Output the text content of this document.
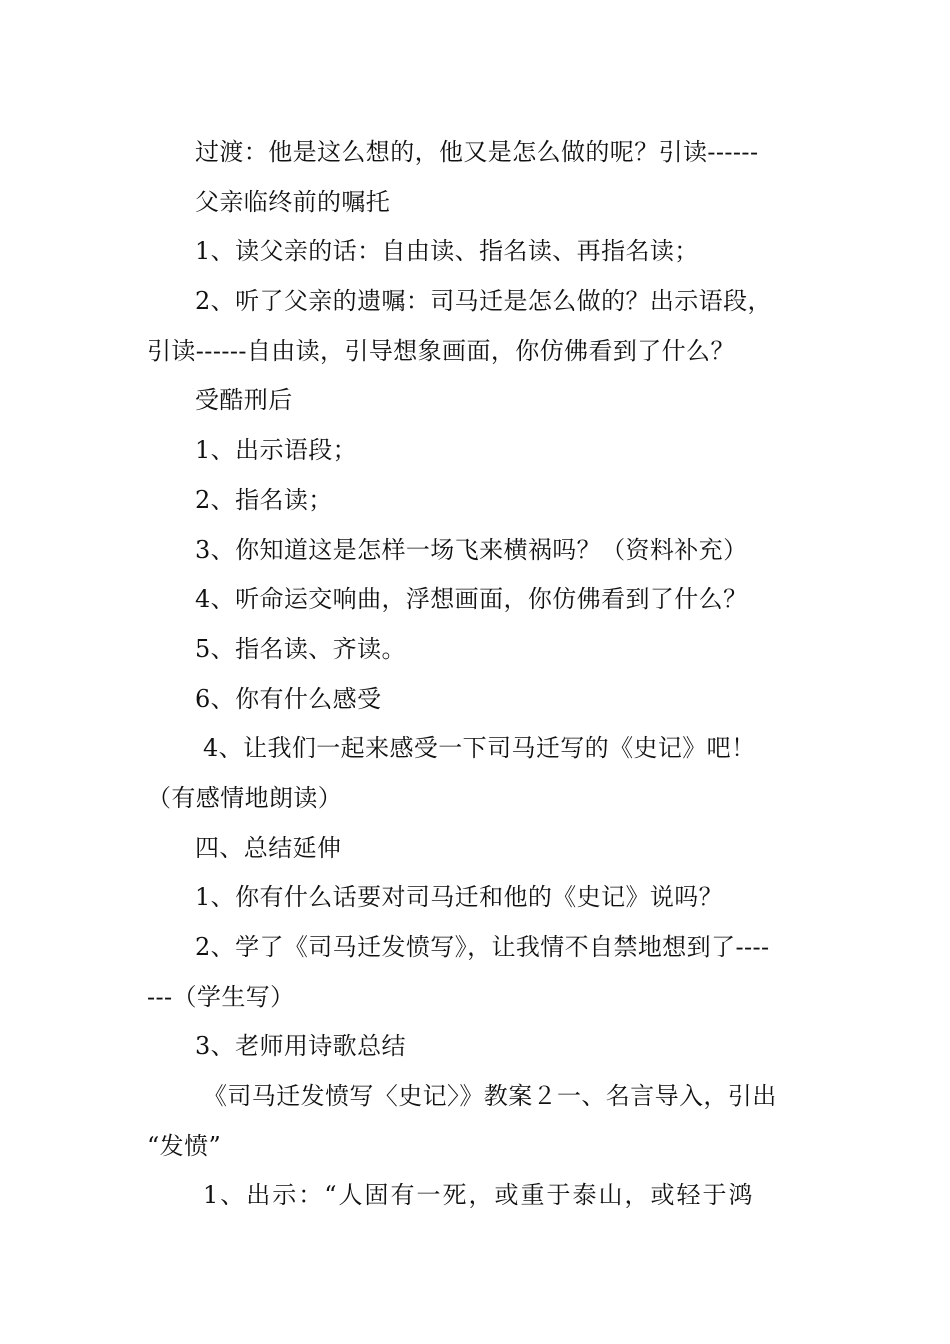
过渡：他是这么想的，他又是怎么做的呢？引读------
父亲临终前的嘱托
1、读父亲的话：自由读、指名读、再指名读；
2、听了父亲的遗嘱：司马迁是怎么做的？出示语段，
引读------自由读，引导想象画面，你仿佛看到了什么？
受酷刑后
1、出示语段；
2、指名读；
3、你知道这是怎样一场飞来横祸吗？（资料补充）
4、听命运交响曲，浮想画面，你仿佛看到了什么？
5、指名读、齐读。
6、你有什么感受
4、让我们一起来感受一下司马迁写的《史记》吧！
（有感情地朗读）
四、总结延伸
1、你有什么话要对司马迁和他的《史记》说吗？
2、学了《司马迁发愤写》，让我情不自禁地想到了----
---（学生写）
3、老师用诗歌总结
《司马迁发愤写〈史记〉》教案２一、名言导入，引出
“发愤”
1、出示：“人固有一死，或重于泰山，或轻于鸿
